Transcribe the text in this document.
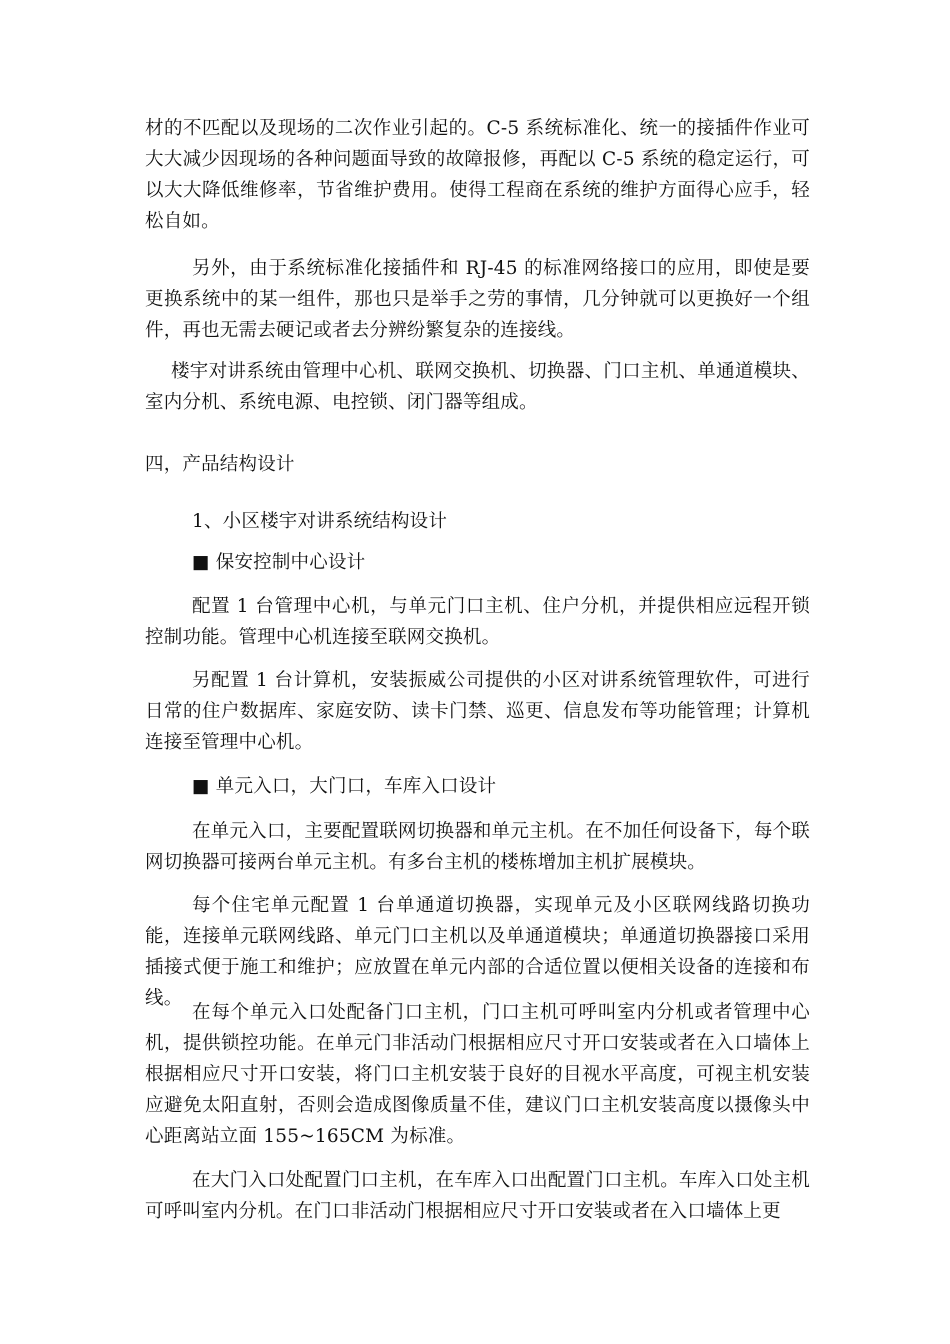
材的不匹配以及现场的二次作业引起的。C-5 系统标准化、统一的接插件作业可大大减少因现场的各种问题面导致的故障报修，再配以 C-5 系统的稳定运行，可以大大降低维修率，节省维护费用。使得工程商在系统的维护方面得心应手，轻松自如。

另外，由于系统标准化接插件和 RJ-45 的标准网络接口的应用，即使是要更换系统中的某一组件，那也只是举手之劳的事情，几分钟就可以更换好一个组件，再也无需去硬记或者去分辨纷繁复杂的连接线。

楼宇对讲系统由管理中心机、联网交换机、切换器、门口主机、单通道模块、室内分机、系统电源、电控锁、闭门器等组成。

四，产品结构设计

1、小区楼宇对讲系统结构设计

■ 保安控制中心设计

配置 1 台管理中心机，与单元门口主机、住户分机，并提供相应远程开锁控制功能。管理中心机连接至联网交换机。

另配置 1 台计算机，安装振威公司提供的小区对讲系统管理软件，可进行日常的住户数据库、家庭安防、读卡门禁、巡更、信息发布等功能管理；计算机连接至管理中心机。

■ 单元入口，大门口，车库入口设计

在单元入口，主要配置联网切换器和单元主机。在不加任何设备下，每个联网切换器可接两台单元主机。有多台主机的楼栋增加主机扩展模块。

每个住宅单元配置 1 台单通道切换器，实现单元及小区联网线路切换功能，连接单元联网线路、单元门口主机以及单通道模块；单通道切换器接口采用插接式便于施工和维护；应放置在单元内部的合适位置以便相关设备的连接和布线。

在每个单元入口处配备门口主机，门口主机可呼叫室内分机或者管理中心机，提供锁控功能。在单元门非活动门根据相应尺寸开口安装或者在入口墙体上根据相应尺寸开口安装，将门口主机安装于良好的目视水平高度，可视主机安装应避免太阳直射，否则会造成图像质量不佳，建议门口主机安装高度以摄像头中心距离站立面 155~165CM 为标准。

在大门入口处配置门口主机，在车库入口出配置门口主机。车库入口处主机可呼叫室内分机。在门口非活动门根据相应尺寸开口安装或者在入口墙体上更
